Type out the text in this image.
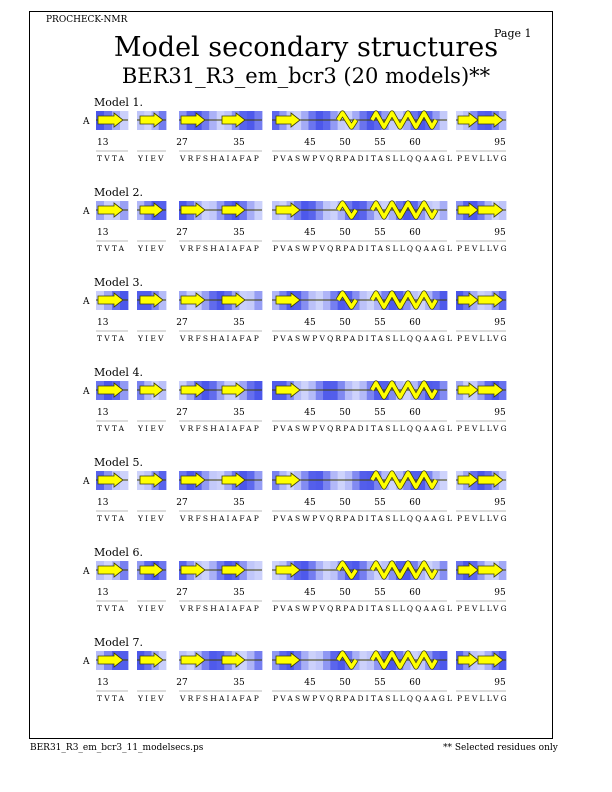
PROCHECK-NMR
Page 1
Model secondary structures
BER31_R3_em_bcr3 (20 models)**
Model 1.
A
13	27	35	45	50	55	60	95
TVTA YIEV VRFSHAIAFAP PVASWPVQRPADITASLLQQAAGL PEVLLVG
Model 2.
A
13	27	35	45	50	55	60	95
TVTA YIEV VRFSHAIAFAP PVASWPVQRPADITASLLQQAAGL PEVLLVG
Model 3.
A
13	27	35	45	50	55	60	95
TVTA YIEV VRFSHAIAFAP PVASWPVQRPADITASLLQQAAGL PEVLLVG
Model 4.
A
13	27	35	45	50	55	60	95
TVTA YIEV VRFSHAIAFAP PVASWPVQRPADITASLLQQAAGL PEVLLVG
Model 5.
A
13	27	35	45	50	55	60	95
TVTA YIEV VRFSHAIAFAP PVASWPVQRPADITASLLQQAAGL PEVLLVG
Model 6.
A
13	27	35	45	50	55	60	95
TVTA YIEV VRFSHAIAFAP PVASWPVQRPADITASLLQQAAGL PEVLLVG
Model 7.
A
13	27	35	45	50	55	60	95
TVTA YIEV VRFSHAIAFAP PVASWPVQRPADITASLLQQAAGL PEVLLVG
BER31_R3_em_bcr3_11_modelsecs.ps	** Selected residues only
